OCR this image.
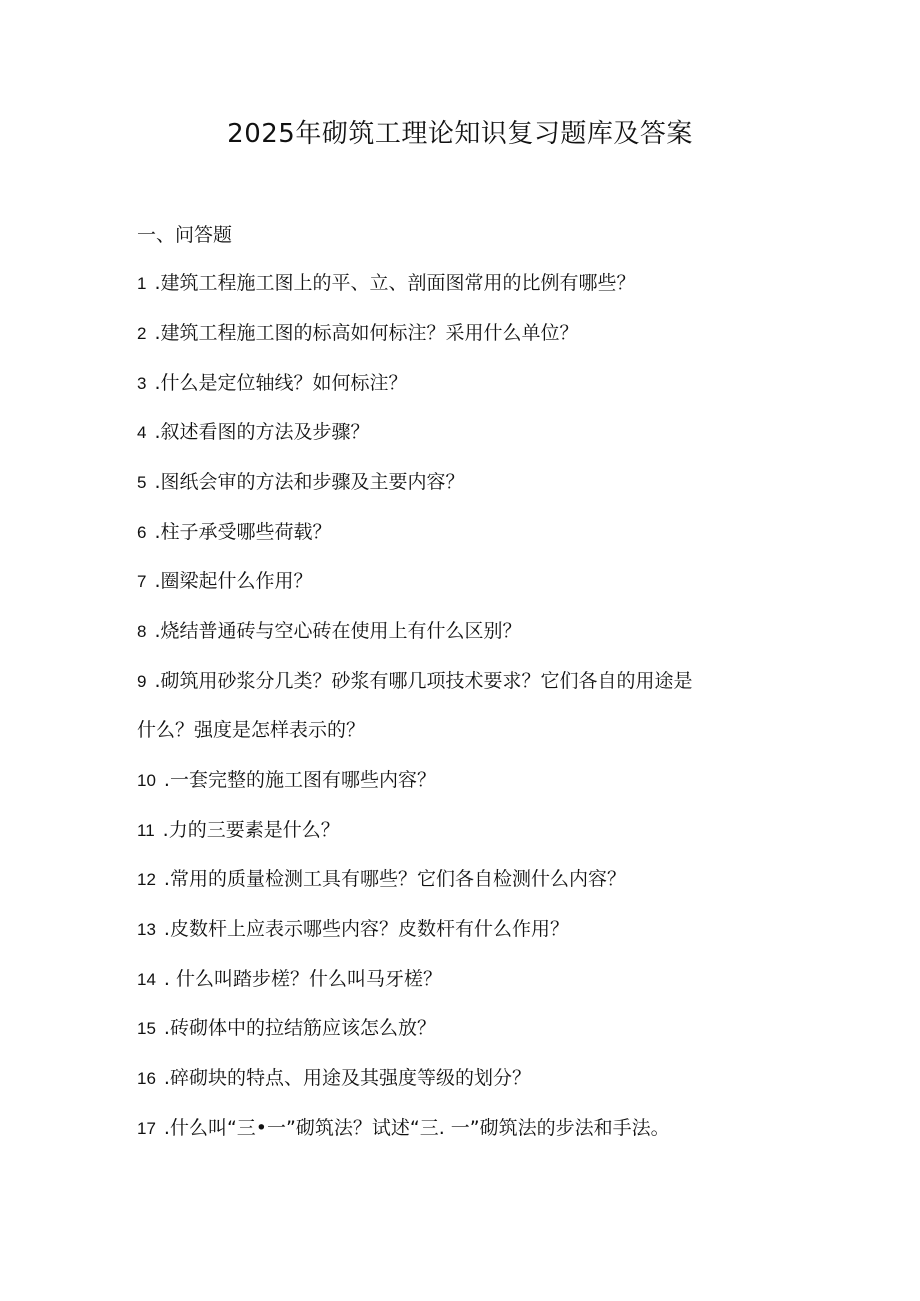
2025年砌筑工理论知识复习题库及答案
一、问答题
1 .建筑工程施工图上的平、立、剖面图常用的比例有哪些？
2 .建筑工程施工图的标高如何标注？采用什么单位？
3 .什么是定位轴线？如何标注？
4 .叙述看图的方法及步骤？
5 .图纸会审的方法和步骤及主要内容？
6 .柱子承受哪些荷载？
7 .圈梁起什么作用？
8 .烧结普通砖与空心砖在使用上有什么区别？
9 .砌筑用砂浆分几类？砂浆有哪几项技术要求？它们各自的用途是
什么？强度是怎样表示的？
10 .一套完整的施工图有哪些内容？
11 .力的三要素是什么？
12 .常用的质量检测工具有哪些？它们各自检测什么内容？
13 .皮数杆上应表示哪些内容？皮数杆有什么作用？
14 . 什么叫踏步槎？什么叫马牙槎？
15 .砖砌体中的拉结筋应该怎么放？
16 .碎砌块的特点、用途及其强度等级的划分？
17 .什么叫“三•一”砌筑法？试述“三. 一”砌筑法的步法和手法。
